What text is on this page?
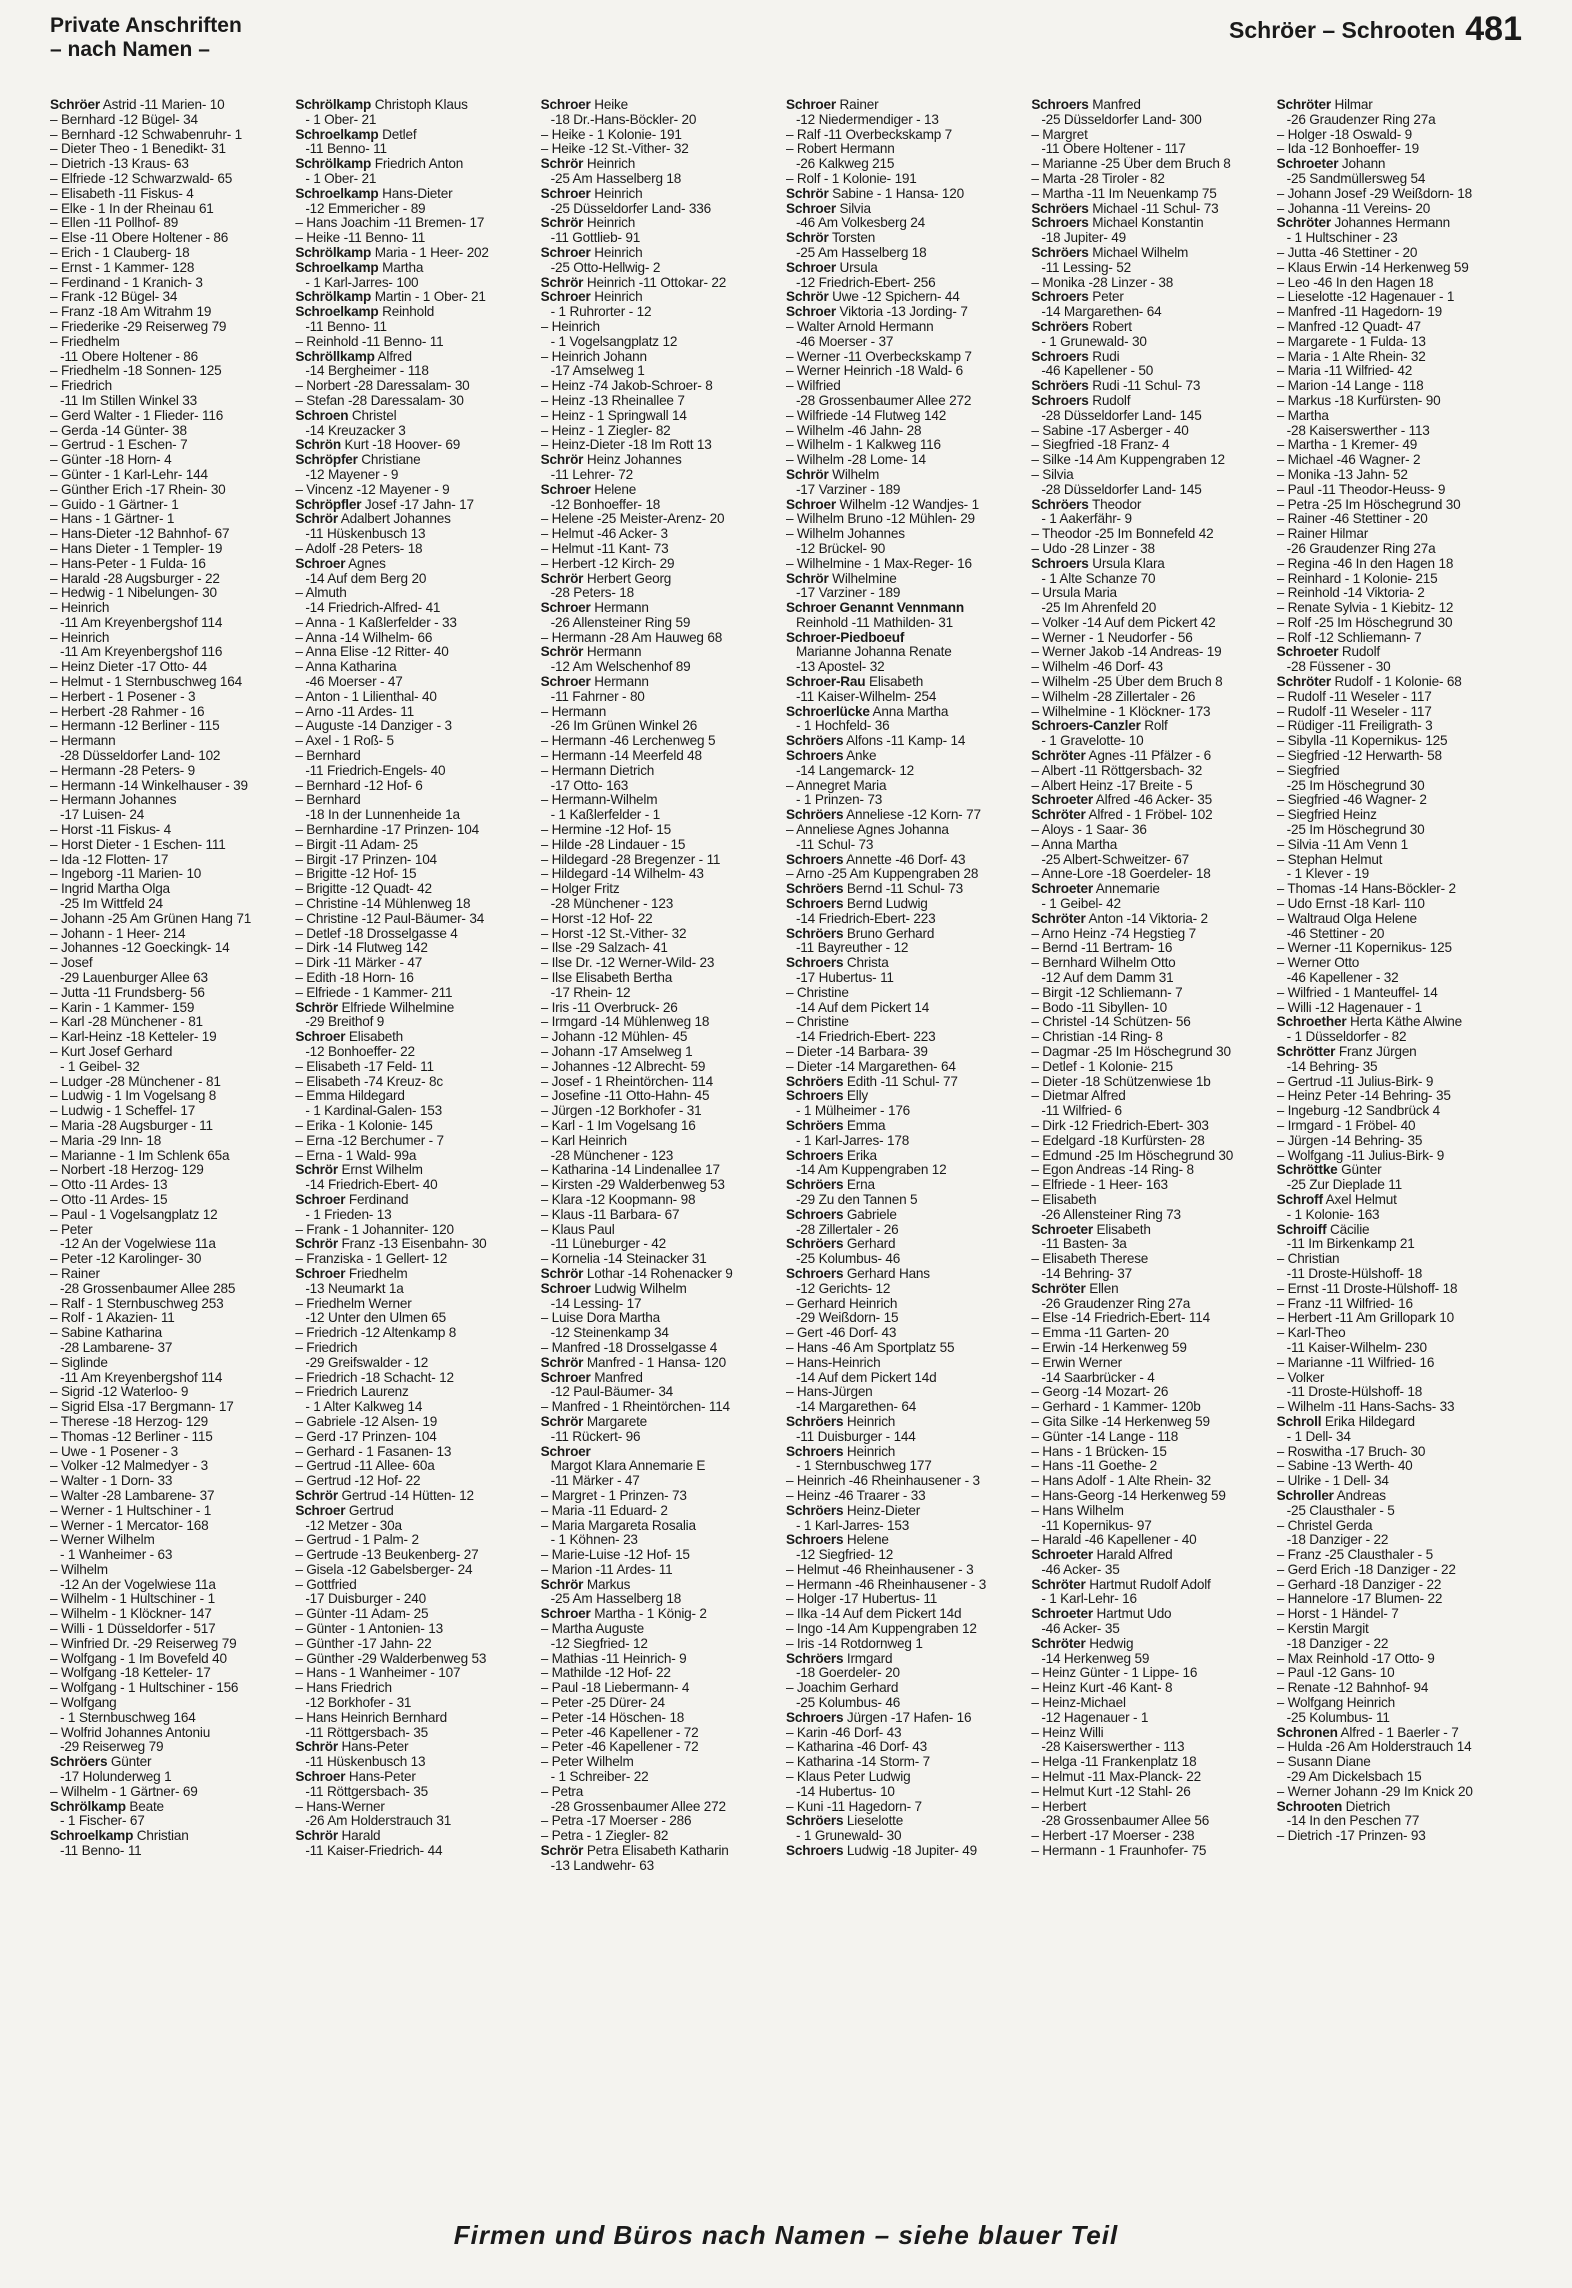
Private Anschriften
– nach Namen –
Schröer – Schrooten 481
Schröer Astrid -11 Marien- 10
– Bernhard -12 Bügel- 34
– Bernhard -12 Schwabenruhr- 1
– Dieter Theo - 1 Benedikt- 31
– Dietrich -13 Kraus- 63
– Elfriede -12 Schwarzwald- 65
– Elisabeth -11 Fiskus- 4
– Elke - 1 In der Rheinau 61
– Ellen -11 Pollhof- 89
– Else -11 Obere Holtener - 86
– Erich - 1 Clauberg- 18
– Ernst - 1 Kammer- 128
– Ferdinand - 1 Kranich- 3
– Frank -12 Bügel- 34
– Franz -18 Am Witrahm 19
– Friederike -29 Reiserweg 79
– Friedhelm
-11 Obere Holtener - 86
– Friedhelm -18 Sonnen- 125
– Friedrich
-11 Im Stillen Winkel 33
– Gerd Walter - 1 Flieder- 116
– Gerda -14 Günter- 38
– Gertrud - 1 Eschen- 7
– Günter -18 Horn- 4
– Günter - 1 Karl-Lehr- 144
– Günther Erich -17 Rhein- 30
– Guido - 1 Gärtner- 1
– Hans - 1 Gärtner- 1
– Hans-Dieter -12 Bahnhof- 67
– Hans Dieter - 1 Templer- 19
– Hans-Peter - 1 Fulda- 16
– Harald -28 Augsburger - 22
– Hedwig - 1 Nibelungen- 30
– Heinrich
-11 Am Kreyenbergshof 114
– Heinrich
-11 Am Kreyenbergshof 116
– Heinz Dieter -17 Otto- 44
– Helmut - 1 Sternbuschweg 164
– Herbert - 1 Posener - 3
– Herbert -28 Rahmer - 16
– Hermann -12 Berliner - 115
– Hermann
-28 Düsseldorfer Land- 102
– Hermann -28 Peters- 9
– Hermann -14 Winkelhauser - 39
– Hermann Johannes
-17 Luisen- 24
– Horst -11 Fiskus- 4
– Horst Dieter - 1 Eschen- 111
– Ida -12 Flotten- 17
– Ingeborg -11 Marien- 10
– Ingrid Martha Olga
-25 Im Wittfeld 24
– Johann -25 Am Grünen Hang 71
– Johann - 1 Heer- 214
– Johannes -12 Goeckingk- 14
– Josef
-29 Lauenburger Allee 63
– Jutta -11 Frundsberg- 56
– Karin - 1 Kammer- 159
– Karl -28 Münchener - 81
– Karl-Heinz -18 Ketteler- 19
– Kurt Josef Gerhard
- 1 Geibel- 32
– Ludger -28 Münchener - 81
– Ludwig - 1 Im Vogelsang 8
– Ludwig - 1 Scheffel- 17
– Maria -28 Augsburger - 11
– Maria -29 Inn- 18
– Marianne - 1 Im Schlenk 65a
– Norbert -18 Herzog- 129
– Otto -11 Ardes- 13
– Otto -11 Ardes- 15
– Paul - 1 Vogelsangplatz 12
– Peter
-12 An der Vogelwiese 11a
– Peter -12 Karolinger- 30
– Rainer
-28 Grossenbaumer Allee 285
– Ralf - 1 Sternbuschweg 253
– Rolf - 1 Akazien- 11
– Sabine Katharina
-28 Lambarene- 37
– Siglinde
-11 Am Kreyenbergshof 114
– Sigrid -12 Waterloo- 9
– Sigrid Elsa -17 Bergmann- 17
– Therese -18 Herzog- 129
– Thomas -12 Berliner - 115
– Uwe - 1 Posener - 3
– Volker -12 Malmedyer - 3
– Walter - 1 Dorn- 33
– Walter -28 Lambarene- 37
– Werner - 1 Hultschiner - 1
– Werner - 1 Mercator- 168
– Werner Wilhelm
- 1 Wanheimer - 63
– Wilhelm
-12 An der Vogelwiese 11a
– Wilhelm - 1 Hultschiner - 1
– Wilhelm - 1 Klöckner- 147
– Willi - 1 Düsseldorfer - 517
– Winfried Dr. -29 Reiserweg 79
– Wolfgang - 1 Im Bovefeld 40
– Wolfgang -18 Ketteler- 17
– Wolfgang - 1 Hultschiner - 156
– Wolfgang
- 1 Sternbuschweg 164
– Wolfrid Johannes Antoniu
-29 Reiserweg 79
Schröers Günter
-17 Holunderweg 1
– Wilhelm - 1 Gärtner- 69
Schrölkamp Beate
- 1 Fischer- 67
Schroelkamp Christian
-11 Benno- 11
Schrölkamp Christoph Klaus
- 1 Ober- 21
Schroelkamp Detlef
-11 Benno- 11
Schrölkamp Friedrich Anton
- 1 Ober- 21
Schroelkamp Hans-Dieter
-12 Emmericher - 89
– Hans Joachim -11 Bremen- 17
– Heike -11 Benno- 11
Schrölkamp Maria - 1 Heer- 202
Schroelkamp Martha
- 1 Karl-Jarres- 100
Schrölkamp Martin - 1 Ober- 21
Schroelkamp Reinhold
-11 Benno- 11
– Reinhold -11 Benno- 11
Schröllkamp Alfred
-14 Bergheimer - 118
– Norbert -28 Daressalam- 30
– Stefan -28 Daressalam- 30
Schroen Christel
-14 Kreuzacker 3
Schrön Kurt -18 Hoover- 69
Schröpfer Christiane
-12 Mayener - 9
– Vincenz -12 Mayener - 9
Schröpfler Josef -17 Jahn- 17
Schrör Adalbert Johannes
-11 Hüskenbusch 13
– Adolf -28 Peters- 18
Schroer Agnes
-14 Auf dem Berg 20
– Almuth
-14 Friedrich-Alfred- 41
– Anna - 1 Kaßlerfelder - 33
– Anna -14 Wilhelm- 66
– Anna Elise -12 Ritter- 40
– Anna Katharina
-46 Moerser - 47
– Anton - 1 Lilienthal- 40
– Arno -11 Ardes- 11
– Auguste -14 Danziger - 3
– Axel - 1 Roß- 5
– Bernhard
-11 Friedrich-Engels- 40
– Bernhard -12 Hof- 6
– Bernhard
-18 In der Lunnenheide 1a
– Bernhardine -17 Prinzen- 104
– Birgit -11 Adam- 25
– Birgit -17 Prinzen- 104
– Brigitte -12 Hof- 15
– Brigitte -12 Quadt- 42
– Christine -14 Mühlenweg 18
– Christine -12 Paul-Bäumer- 34
– Detlef -18 Drosselgasse 4
– Dirk -14 Flutweg 142
– Dirk -11 Märker - 47
– Edith -18 Horn- 16
– Elfriede - 1 Kammer- 211
Schrör Elfriede Wilhelmine
-29 Breithof 9
Schroer Elisabeth
-12 Bonhoeffer- 22
– Elisabeth -17 Feld- 11
– Elisabeth -74 Kreuz- 8c
– Emma Hildegard
- 1 Kardinal-Galen- 153
– Erika - 1 Kolonie- 145
– Erna -12 Berchumer - 7
– Erna - 1 Wald- 99a
Schrör Ernst Wilhelm
-14 Friedrich-Ebert- 40
Schroer Ferdinand
- 1 Frieden- 13
– Frank - 1 Johanniter- 120
Schrör Franz -13 Eisenbahn- 30
– Franziska - 1 Gellert- 12
Schroer Friedhelm
-13 Neumarkt 1a
– Friedhelm Werner
-12 Unter den Ulmen 65
– Friedrich -12 Altenkamp 8
– Friedrich
-29 Greifswalder - 12
– Friedrich -18 Schacht- 12
– Friedrich Laurenz
- 1 Alter Kalkweg 14
– Gabriele -12 Alsen- 19
– Gerd -17 Prinzen- 104
– Gerhard - 1 Fasanen- 13
– Gertrud -11 Allee- 60a
– Gertrud -12 Hof- 22
Schrör Gertrud -14 Hütten- 12
Schroer Gertrud
-12 Metzer - 30a
– Gertrud - 1 Palm- 2
– Gertrude -13 Beukenberg- 27
– Gisela -12 Gabelsberger- 24
– Gottfried
-17 Duisburger - 240
– Günter -11 Adam- 25
– Günter - 1 Antonien- 13
– Günther -17 Jahn- 22
– Günther -29 Walderbenweg 53
– Hans - 1 Wanheimer - 107
– Hans Friedrich
-12 Borkhofer - 31
– Hans Heinrich Bernhard
-11 Röttgersbach- 35
Schrör Hans-Peter
-11 Hüskenbusch 13
Schroer Hans-Peter
-11 Röttgersbach- 35
– Hans-Werner
-26 Am Holderstrauch 31
Schrör Harald
-11 Kaiser-Friedrich- 44
Schroer Heike
-18 Dr.-Hans-Böckler- 20
– Heike - 1 Kolonie- 191
– Heike -12 St.-Vither- 32
Schrör Heinrich
-25 Am Hasselberg 18
Schroer Heinrich
-25 Düsseldorfer Land- 336
Schrör Heinrich
-11 Gottlieb- 91
Schroer Heinrich
-25 Otto-Hellwig- 2
Schrör Heinrich -11 Ottokar- 22
Schroer Heinrich
- 1 Ruhrorter - 12
– Heinrich
- 1 Vogelsangplatz 12
– Heinrich Johann
-17 Amselweg 1
– Heinz -74 Jakob-Schroer- 8
– Heinz -13 Rheinallee 7
– Heinz - 1 Springwall 14
– Heinz - 1 Ziegler- 82
– Heinz-Dieter -18 Im Rott 13
Schrör Heinz Johannes
-11 Lehrer- 72
Schroer Helene
-12 Bonhoeffer- 18
– Helene -25 Meister-Arenz- 20
– Helmut -46 Acker- 3
– Helmut -11 Kant- 73
– Herbert -12 Kirch- 29
Schrör Herbert Georg
-28 Peters- 18
Schroer Hermann
-26 Allensteiner Ring 59
– Hermann -28 Am Hauweg 68
Schrör Hermann
-12 Am Welschenhof 89
Schroer Hermann
-11 Fahrner - 80
– Hermann
-26 Im Grünen Winkel 26
– Hermann -46 Lerchenweg 5
– Hermann -14 Meerfeld 48
– Hermann Dietrich
-17 Otto- 163
– Hermann-Wilhelm
- 1 Kaßlerfelder - 1
– Hermine -12 Hof- 15
– Hilde -28 Lindauer - 15
– Hildegard -28 Bregenzer - 11
– Hildegard -14 Wilhelm- 43
– Holger Fritz
-28 Münchener - 123
– Horst -12 Hof- 22
– Horst -12 St.-Vither- 32
– Ilse -29 Salzach- 41
– Ilse Dr. -12 Werner-Wild- 23
– Ilse Elisabeth Bertha
-17 Rhein- 12
– Iris -11 Overbruck- 26
– Irmgard -14 Mühlenweg 18
– Johann -12 Mühlen- 45
– Johann -17 Amselweg 1
– Johannes -12 Albrecht- 59
– Josef - 1 Rheintörchen- 114
– Josefine -11 Otto-Hahn- 45
– Jürgen -12 Borkhofer - 31
– Karl - 1 Im Vogelsang 16
– Karl Heinrich
-28 Münchener - 123
– Katharina -14 Lindenallee 17
– Kirsten -29 Walderbenweg 53
– Klara -12 Koopmann- 98
– Klaus -11 Barbara- 67
– Klaus Paul
-11 Lüneburger - 42
– Kornelia -14 Steinacker 31
Schrör Lothar -14 Rohenacker 9
Schroer Ludwig Wilhelm
-14 Lessing- 17
– Luise Dora Martha
-12 Steinenkamp 34
– Manfred -18 Drosselgasse 4
Schrör Manfred - 1 Hansa- 120
Schroer Manfred
-12 Paul-Bäumer- 34
– Manfred - 1 Rheintörchen- 114
Schrör Margarete
-11 Rückert- 96
Schroer
Margot Klara Annemarie E
-11 Märker - 47
– Margret - 1 Prinzen- 73
– Maria -11 Eduard- 2
– Maria Margareta Rosalia
- 1 Köhnen- 23
– Marie-Luise -12 Hof- 15
– Marion -11 Ardes- 11
Schrör Markus
-25 Am Hasselberg 18
Schroer Martha - 1 König- 2
– Martha Auguste
-12 Siegfried- 12
– Mathias -11 Heinrich- 9
– Mathilde -12 Hof- 22
– Paul -18 Liebermann- 4
– Peter -25 Dürer- 24
– Peter -14 Höschen- 18
– Peter -46 Kapellener - 72
– Peter -46 Kapellener - 72
– Peter Wilhelm
- 1 Schreiber- 22
– Petra
-28 Grossenbaumer Allee 272
– Petra -17 Moerser - 286
– Petra - 1 Ziegler- 82
Schrör Petra Elisabeth Katharin
-13 Landwehr- 63
Schroer Rainer
-12 Niedermendiger - 13
– Ralf -11 Overbeckskamp 7
– Robert Hermann
-26 Kalkweg 215
– Rolf - 1 Kolonie- 191
Schrör Sabine - 1 Hansa- 120
Schroer Silvia
-46 Am Volkesberg 24
Schrör Torsten
-25 Am Hasselberg 18
Schroer Ursula
-12 Friedrich-Ebert- 256
Schrör Uwe -12 Spichern- 44
Schroer Viktoria -13 Jording- 7
– Walter Arnold Hermann
-46 Moerser - 37
– Werner -11 Overbeckskamp 7
– Werner Heinrich -18 Wald- 6
– Wilfried
-28 Grossenbaumer Allee 272
– Wilfriede -14 Flutweg 142
– Wilhelm -46 Jahn- 28
– Wilhelm - 1 Kalkweg 116
– Wilhelm -28 Lome- 14
Schrör Wilhelm
-17 Varziner - 189
Schroer Wilhelm -12 Wandjes- 1
– Wilhelm Bruno -12 Mühlen- 29
– Wilhelm Johannes
-12 Brückel- 90
– Wilhelmine - 1 Max-Reger- 16
Schrör Wilhelmine
-17 Varziner - 189
Schroer Genannt Vennmann
Reinhold -11 Mathilden- 31
Schroer-Piedboeuf
Marianne Johanna Renate
-13 Apostel- 32
Schroer-Rau Elisabeth
-11 Kaiser-Wilhelm- 254
Schroerlücke Anna Martha
- 1 Hochfeld- 36
Schröers Alfons -11 Kamp- 14
Schroers Anke
-14 Langemarck- 12
– Annegret Maria
- 1 Prinzen- 73
Schröers Anneliese -12 Korn- 77
– Anneliese Agnes Johanna
-11 Schul- 73
Schroers Annette -46 Dorf- 43
– Arno -25 Am Kuppengraben 28
Schröers Bernd -11 Schul- 73
Schroers Bernd Ludwig
-14 Friedrich-Ebert- 223
Schröers Bruno Gerhard
-11 Bayreuther - 12
Schroers Christa
-17 Hubertus- 11
– Christine
-14 Auf dem Pickert 14
– Christine
-14 Friedrich-Ebert- 223
– Dieter -14 Barbara- 39
– Dieter -14 Margarethen- 64
Schröers Edith -11 Schul- 77
Schroers Elly
- 1 Mülheimer - 176
Schröers Emma
- 1 Karl-Jarres- 178
Schroers Erika
-14 Am Kuppengraben 12
Schröers Erna
-29 Zu den Tannen 5
Schroers Gabriele
-28 Zillertaler - 26
Schröers Gerhard
-25 Kolumbus- 46
Schroers Gerhard Hans
-12 Gerichts- 12
– Gerhard Heinrich
-29 Weißdorn- 15
– Gert -46 Dorf- 43
– Hans -46 Am Sportplatz 55
– Hans-Heinrich
-14 Auf dem Pickert 14d
– Hans-Jürgen
-14 Margarethen- 64
Schröers Heinrich
-11 Duisburger - 144
Schroers Heinrich
- 1 Sternbuschweg 177
– Heinrich -46 Rheinhausener - 3
– Heinz -46 Traarer - 33
Schröers Heinz-Dieter
- 1 Karl-Jarres- 153
Schroers Helene
-12 Siegfried- 12
– Helmut -46 Rheinhausener - 3
– Hermann -46 Rheinhausener - 3
– Holger -17 Hubertus- 11
– Ilka -14 Auf dem Pickert 14d
– Ingo -14 Am Kuppengraben 12
– Iris -14 Rotdornweg 1
Schröers Irmgard
-18 Goerdeler- 20
– Joachim Gerhard
-25 Kolumbus- 46
Schroers Jürgen -17 Hafen- 16
– Karin -46 Dorf- 43
– Katharina -46 Dorf- 43
– Katharina -14 Storm- 7
– Klaus Peter Ludwig
-14 Hubertus- 10
– Kuni -11 Hagedorn- 7
Schröers Lieselotte
- 1 Grunewald- 30
Schroers Ludwig -18 Jupiter- 49
Schroers Manfred
-25 Düsseldorfer Land- 300
– Margret
-11 Obere Holtener - 117
– Marianne -25 Über dem Bruch 8
– Marta -28 Tiroler - 82
– Martha -11 Im Neuenkamp 75
Schröers Michael -11 Schul- 73
Schroers Michael Konstantin
-18 Jupiter- 49
Schröers Michael Wilhelm
-11 Lessing- 52
– Monika -28 Linzer - 38
Schroers Peter
-14 Margarethen- 64
Schröers Robert
- 1 Grunewald- 30
Schroers Rudi
-46 Kapellener - 50
Schröers Rudi -11 Schul- 73
Schroers Rudolf
-28 Düsseldorfer Land- 145
– Sabine -17 Asberger - 40
– Siegfried -18 Franz- 4
– Silke -14 Am Kuppengraben 12
– Silvia
-28 Düsseldorfer Land- 145
Schröers Theodor
- 1 Aakerfähr- 9
– Theodor -25 Im Bonnefeld 42
– Udo -28 Linzer - 38
Schroers Ursula Klara
- 1 Alte Schanze 70
– Ursula Maria
-25 Im Ahrenfeld 20
– Volker -14 Auf dem Pickert 42
– Werner - 1 Neudorfer - 56
– Werner Jakob -14 Andreas- 19
– Wilhelm -46 Dorf- 43
– Wilhelm -25 Über dem Bruch 8
– Wilhelm -28 Zillertaler - 26
– Wilhelmine - 1 Klöckner- 173
Schroers-Canzler Rolf
- 1 Gravelotte- 10
Schröter Agnes -11 Pfälzer - 6
– Albert -11 Röttgersbach- 32
– Albert Heinz -17 Breite - 5
Schroeter Alfred -46 Acker- 35
Schröter Alfred - 1 Fröbel- 102
– Aloys - 1 Saar- 36
– Anna Martha
-25 Albert-Schweitzer- 67
– Anne-Lore -18 Goerdeler- 18
Schroeter Annemarie
- 1 Geibel- 42
Schröter Anton -14 Viktoria- 2
– Arno Heinz -74 Hegstieg 7
– Bernd -11 Bertram- 16
– Bernhard Wilhelm Otto
-12 Auf dem Damm 31
– Birgit -12 Schliemann- 7
– Bodo -11 Sibyllen- 10
– Christel -14 Schützen- 56
– Christian -14 Ring- 8
– Dagmar -25 Im Höschegrund 30
– Detlef - 1 Kolonie- 215
– Dieter -18 Schützenwiese 1b
– Dietmar Alfred
-11 Wilfried- 6
– Dirk -12 Friedrich-Ebert- 303
– Edelgard -18 Kurfürsten- 28
– Edmund -25 Im Höschegrund 30
– Egon Andreas -14 Ring- 8
– Elfriede - 1 Heer- 163
– Elisabeth
-26 Allensteiner Ring 73
Schroeter Elisabeth
-11 Basten- 3a
– Elisabeth Therese
-14 Behring- 37
Schröter Ellen
-26 Graudenzer Ring 27a
– Else -14 Friedrich-Ebert- 114
– Emma -11 Garten- 20
– Erwin -14 Herkenweg 59
– Erwin Werner
-14 Saarbrücker - 4
– Georg -14 Mozart- 26
– Gerhard - 1 Kammer- 120b
– Gita Silke -14 Herkenweg 59
– Günter -14 Lange - 118
– Hans - 1 Brücken- 15
– Hans -11 Goethe- 2
– Hans Adolf - 1 Alte Rhein- 32
– Hans-Georg -14 Herkenweg 59
– Hans Wilhelm
-11 Kopernikus- 97
– Harald -46 Kapellener - 40
Schroeter Harald Alfred
-46 Acker- 35
Schröter Hartmut Rudolf Adolf
- 1 Karl-Lehr- 16
Schroeter Hartmut Udo
-46 Acker- 35
Schröter Hedwig
-14 Herkenweg 59
– Heinz Günter - 1 Lippe- 16
– Heinz Kurt -46 Kant- 8
– Heinz-Michael
-12 Hagenauer - 1
– Heinz Willi
-28 Kaiserswerther - 113
– Helga -11 Frankenplatz 18
– Helmut -11 Max-Planck- 22
– Helmut Kurt -12 Stahl- 26
– Herbert
-28 Grossenbaumer Allee 56
– Herbert -17 Moerser - 238
– Hermann - 1 Fraunhofer- 75
Schröter Hilmar
-26 Graudenzer Ring 27a
– Holger -18 Oswald- 9
– Ida -12 Bonhoeffer- 19
Schroeter Johann
-25 Sandmüllersweg 54
– Johann Josef -29 Weißdorn- 18
– Johanna -11 Vereins- 20
Schröter Johannes Hermann
- 1 Hultschiner - 23
– Jutta -46 Stettiner - 20
– Klaus Erwin -14 Herkenweg 59
– Leo -46 In den Hagen 18
– Lieselotte -12 Hagenauer - 1
– Manfred -11 Hagedorn- 19
– Manfred -12 Quadt- 47
– Margarete - 1 Fulda- 13
– Maria - 1 Alte Rhein- 32
– Maria -11 Wilfried- 42
– Marion -14 Lange - 118
– Markus -18 Kurfürsten- 90
– Martha
-28 Kaiserswerther - 113
– Martha - 1 Kremer- 49
– Michael -46 Wagner- 2
– Monika -13 Jahn- 52
– Paul -11 Theodor-Heuss- 9
– Petra -25 Im Höschegrund 30
– Rainer -46 Stettiner - 20
– Rainer Hilmar
-26 Graudenzer Ring 27a
– Regina -46 In den Hagen 18
– Reinhard - 1 Kolonie- 215
– Reinhold -14 Viktoria- 2
– Renate Sylvia - 1 Kiebitz- 12
– Rolf -25 Im Höschegrund 30
– Rolf -12 Schliemann- 7
Schroeter Rudolf
-28 Füssener - 30
Schröter Rudolf - 1 Kolonie- 68
– Rudolf -11 Weseler - 117
– Rudolf -11 Weseler - 117
– Rüdiger -11 Freiligrath- 3
– Sibylla -11 Kopernikus- 125
– Siegfried -12 Herwarth- 58
– Siegfried
-25 Im Höschegrund 30
– Siegfried -46 Wagner- 2
– Siegfried Heinz
-25 Im Höschegrund 30
– Silvia -11 Am Venn 1
– Stephan Helmut
- 1 Klever - 19
– Thomas -14 Hans-Böckler- 2
– Udo Ernst -18 Karl- 110
– Waltraud Olga Helene
-46 Stettiner - 20
– Werner -11 Kopernikus- 125
– Werner Otto
-46 Kapellener - 32
– Wilfried - 1 Manteuffel- 14
– Willi -12 Hagenauer - 1
Schroether Herta Käthe Alwine
- 1 Düsseldorfer - 82
Schrötter Franz Jürgen
-14 Behring- 35
– Gertrud -11 Julius-Birk- 9
– Heinz Peter -14 Behring- 35
– Ingeburg -12 Sandbrück 4
– Irmgard - 1 Fröbel- 40
– Jürgen -14 Behring- 35
– Wolfgang -11 Julius-Birk- 9
Schröttke Günter
-25 Zur Dieplade 11
Schroff Axel Helmut
- 1 Kolonie- 163
Schroiff Cäcilie
-11 Im Birkenkamp 21
– Christian
-11 Droste-Hülshoff- 18
– Ernst -11 Droste-Hülshoff- 18
– Franz -11 Wilfried- 16
– Herbert -11 Am Grillopark 10
– Karl-Theo
-11 Kaiser-Wilhelm- 230
– Marianne -11 Wilfried- 16
– Volker
-11 Droste-Hülshoff- 18
– Wilhelm -11 Hans-Sachs- 33
Schroll Erika Hildegard
- 1 Dell- 34
– Roswitha -17 Bruch- 30
– Sabine -13 Werth- 40
– Ulrike - 1 Dell- 34
Schroller Andreas
-25 Clausthaler - 5
– Christel Gerda
-18 Danziger - 22
– Franz -25 Clausthaler - 5
– Gerd Erich -18 Danziger - 22
– Gerhard -18 Danziger - 22
– Hannelore -17 Blumen- 22
– Horst - 1 Händel- 7
– Kerstin Margit
-18 Danziger - 22
– Max Reinhold -17 Otto- 9
– Paul -12 Gans- 10
– Renate -12 Bahnhof- 94
– Wolfgang Heinrich
-25 Kolumbus- 11
Schronen Alfred - 1 Baerler - 7
– Hulda -26 Am Holderstrauch 14
– Susann Diane
-29 Am Dickelsbach 15
– Werner Johann -29 Im Knick 20
Schrooten Dietrich
-14 In den Peschen 77
– Dietrich -17 Prinzen- 93
Firmen und Büros nach Namen – siehe blauer Teil
